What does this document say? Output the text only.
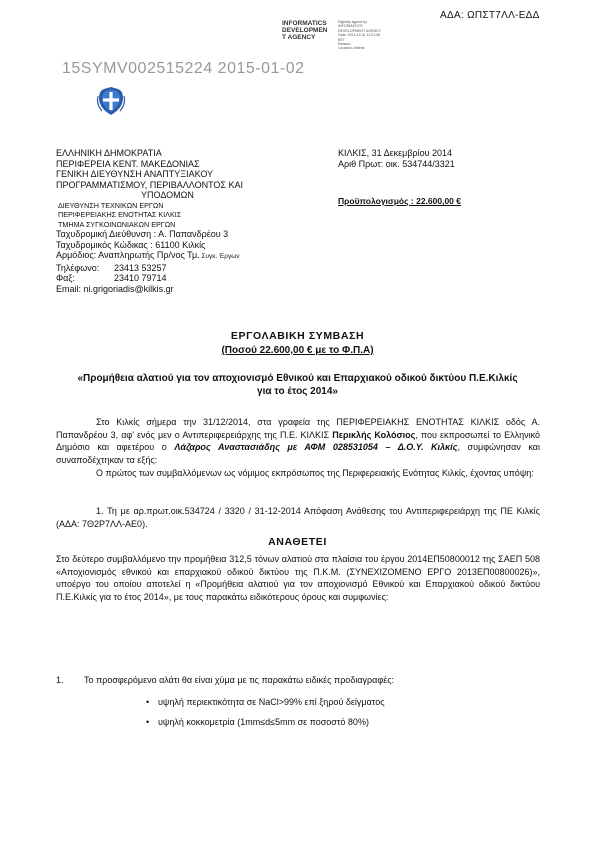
ΑΔΑ: ΩΠΣΤ7ΛΛ-ΕΔΔ
INFORMATICS
DEVELOPMEN
T AGENCY
Digitally signed by
INFORMATICS
DEVELOPMENT AGENCY
Date: 2014.12.31 11:01:06
EET
Reason:
Location: Athens
15SYMV002515224 2015-01-02
ΕΛΛΗΝΙΚΗ ΔΗΜΟΚΡΑΤΙΑ
ΠΕΡΙΦΕΡΕΙΑ ΚΕΝΤ. ΜΑΚΕΔΟΝΙΑΣ
ΓΕΝΙΚΗ ΔΙΕΥΘΥΝΣΗ ΑΝΑΠΤΥΞΙΑΚΟΥ
ΠΡΟΓΡΑΜΜΑΤΙΣΜΟΥ, ΠΕΡΙΒΑΛΛΟΝΤΟΣ ΚΑΙ
ΥΠΟΔΟΜΩΝ
ΔΙΕΥΘΥΝΣΗ ΤΕΧΝΙΚΩΝ ΕΡΓΩΝ
ΠΕΡΙΦΕΡΕΙΑΚΗΣ ΕΝΟΤΗΤΑΣ ΚΙΛΚΙΣ
ΤΜΗΜΑ ΣΥΓΚΟΙΝΩΝΙΑΚΩΝ ΕΡΓΩΝ
Ταχυδρομική Διεύθυνση : Α. Παπανδρέου 3
Ταχυδρομικός Κώδικας : 61100 Κιλκίς
Αρμόδιος: Αναπληρωτής Πρ/νος Τμ. Συγκ. Έργων
Τηλέφωνο: 23413 53257
Φαξ:	23410 79714
Email: ni.grigoriadis@kilkis.gr
ΚΙΛΚΙΣ, 31 Δεκεμβρίου 2014
Αριθ Πρωτ: οικ. 534744/3321
Προϋπολογισμός : 22.600,00 €
ΕΡΓΟΛΑΒΙΚΗ ΣΥΜΒΑΣΗ
(Ποσού 22.600,00 € με το Φ.Π.Α)
«Προμήθεια αλατιού για τον αποχιονισμό Εθνικού και Επαρχιακού οδικού δικτύου Π.Ε.Κιλκίς για το έτος 2014»
Στο Κιλκίς σήμερα την 31/12/2014, στα γραφεία της ΠΕΡΙΦΕΡΕΙΑΚΗΣ ΕΝΟΤΗΤΑΣ ΚΙΛΚΙΣ οδός Α. Παπανδρέου 3, αφ' ενός μεν ο Αντιπεριφερειάρχης της Π.Ε. ΚΙΛΚΙΣ Περικλής Κολόσιος, που εκπροσωπεί το Ελληνικό Δημόσιο και αφετέρου ο Λάζαρος Αναστασιάδης με ΑΦΜ 028531054 – Δ.Ο.Υ. Κιλκίς, συμφώνησαν και συναποδέχτηκαν τα εξής:
Ο πρώτος των συμβαλλόμενων ως νόμιμος εκπρόσωπος της Περιφερειακής Ενότητας Κιλκίς, έχοντας υπόψη:
1. Τη με αρ.πρωτ.οικ.534724 / 3320 / 31-12-2014 Απόφαση Ανάθεσης του Αντιπεριφερειάρχη της ΠΕ Κιλκίς (ΑΔΑ: 7Θ2Ρ7ΛΛ-ΑΕ0).
ΑΝΑΘΕΤΕΙ
Στο δεύτερο συμβαλλόμενο την προμήθεια 312,5 τόνων αλατιού στα πλαίσια του έργου 2014ΕΠ50800012 της ΣΑΕΠ 508 «Αποχιονισμός εθνικού και επαρχιακού οδικού δικτύου της Π.Κ.Μ. (ΣΥΝΕΧΙΖΟΜΕΝΟ ΕΡΓΟ 2013ΕΠ00800026)», υποέργο του οποίου αποτελεί η «Προμήθεια αλατιού για τον αποχιονισμό Εθνικού και Επαρχιακού οδικού δικτύου Π.Ε.Κιλκίς για το έτος 2014», με τους παρακάτω ειδικότερους όρους και συμφωνίες:
1. Το προσφερόμενο αλάτι θα είναι χύμα με τις παρακάτω ειδικές προδιαγραφές:
• υψηλή περιεκτικότητα σε NaCl>99% επί ξηρού δείγματος
• υψηλή κοκκομετρία (1mm≤d≤5mm σε ποσοστό 80%)
